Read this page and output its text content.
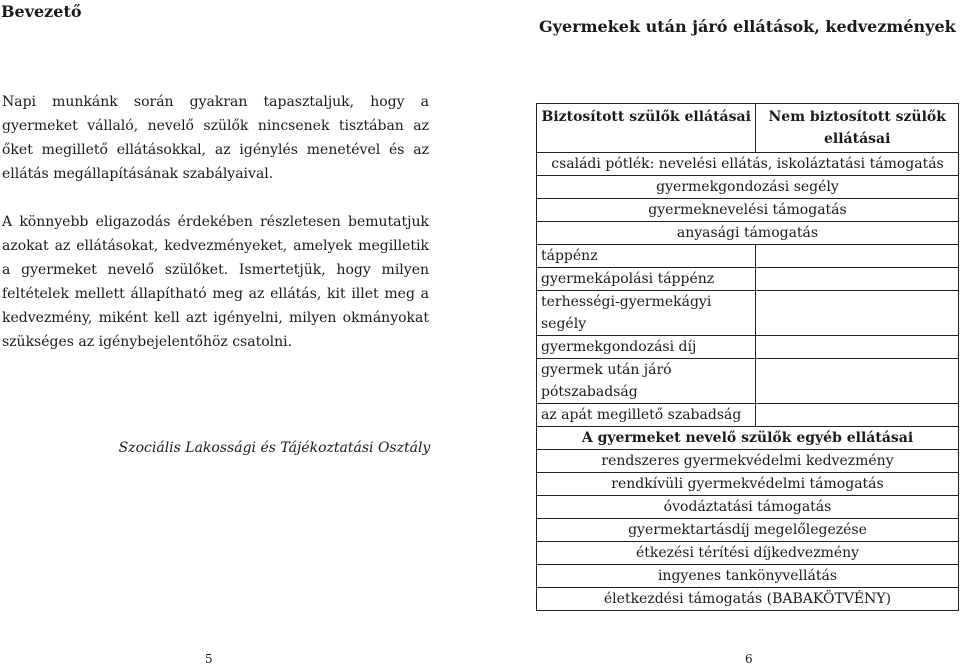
Bevezető

Napi munkánk során gyakran tapasztaljuk, hogy a gyermeket vállaló, nevelő szülők nincsenek tisztában az őket megillető ellátásokkal, az igénylés menetével és az ellátás megállapításának szabályaival.

A könnyebb eligazodás érdekében részletesen bemutatjuk azokat az ellátásokat, kedvezményeket, amelyek megilletik a gyermeket nevelő szülőket. Ismertetjük, hogy milyen feltételek mellett állapítható meg az ellátás, kit illet meg a kedvezmény, miként kell azt igényelni, milyen okmányokat szükséges az igénybejelentőhöz csatolni.

Szociális Lakossági és Tájékoztatási Osztály
5
Gyermekek után járó ellátások, kedvezmények
Biztosított szülők ellátásai	Nem biztosított szülők ellátásai
családi pótlék: nevelési ellátás, iskoláztatási támogatás	
gyermekgondozási segély	
gyermeknevelési támogatás	
anyasági támogatás	
táppénz	
gyermekápolási táppénz	
terhességi-gyermekágyi segély	
gyermekgondozási díj	
gyermek után járó pótszabadság	
az apát megillető szabadság	
A gyermeket nevelő szülők egyéb ellátásai	
rendszeres gyermekvédelmi kedvezmény	
rendkívüli gyermekvédelmi támogatás	
óvodáztatási támogatás	
gyermektartásdíj megelőlegezése	
étkezési térítési díjkedvezmény	
ingyenes tankönyvellátás	
életkezdési támogatás (BABAKÖTVÉNY)	
6
